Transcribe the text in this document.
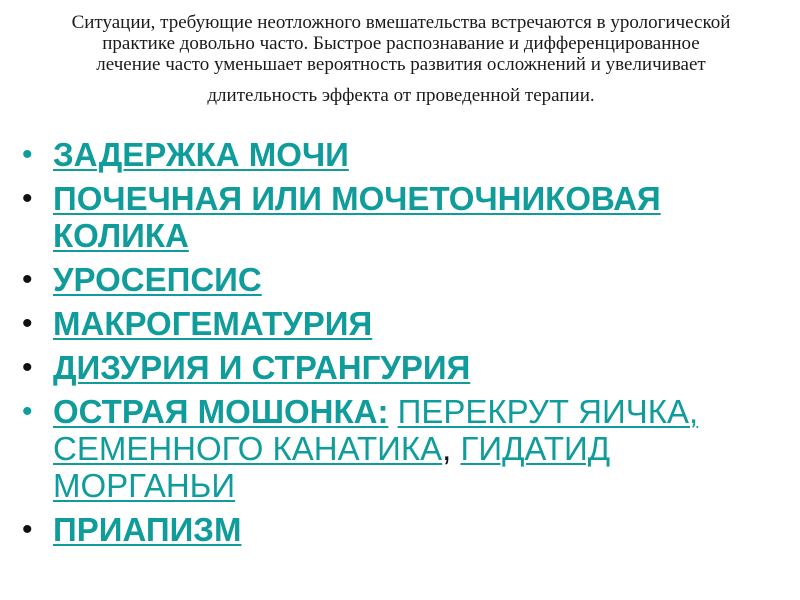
Ситуации, требующие неотложного вмешательства встречаются в урологической
практике довольно часто. Быстрое распознавание и дифференцированное
лечение часто уменьшает вероятность развития осложнений и увеличивает
длительность эффекта от проведенной терапии.

• ЗАДЕРЖКА МОЧИ
• ПОЧЕЧНАЯ ИЛИ МОЧЕТОЧНИКОВАЯ КОЛИКА
• УРОСЕПСИС
• МАКРОГЕМАТУРИЯ
• ДИЗУРИЯ И СТРАНГУРИЯ
• ОСТРАЯ МОШОНКА: ПЕРЕКРУТ ЯИЧКА, СЕМЕННОГО КАНАТИКА, ГИДАТИД МОРГАНЬИ
• ПРИАПИЗМ
